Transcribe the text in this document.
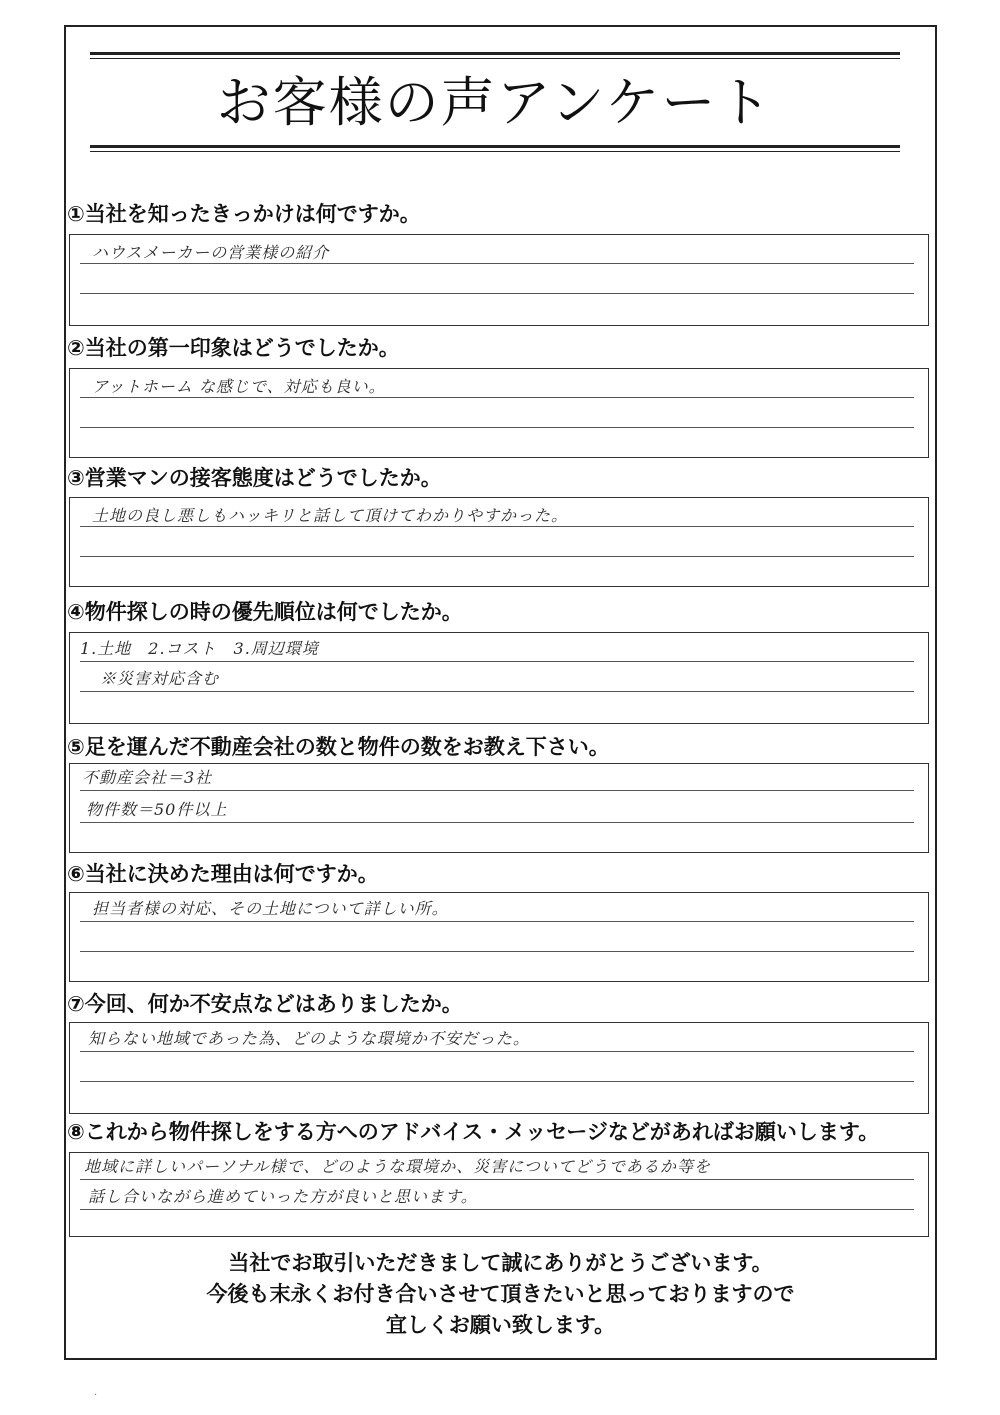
お客様の声アンケート
①当社を知ったきっかけは何ですか。
ハウスメーカーの営業様の紹介
②当社の第一印象はどうでしたか。
アットホーム な感じで、対応も良い。
③営業マンの接客態度はどうでしたか。
土地の良し悪しもハッキリと話して頂けてわかりやすかった。
④物件探しの時の優先順位は何でしたか。
1.土地　2.コスト　3.周辺環境
※災害対応含む
⑤足を運んだ不動産会社の数と物件の数をお教え下さい。
不動産会社＝3社
物件数＝50件以上
⑥当社に決めた理由は何ですか。
担当者様の対応、その土地について詳しい所。
⑦今回、何か不安点などはありましたか。
知らない地域であった為、どのような環境か不安だった。
⑧これから物件探しをする方へのアドバイス・メッセージなどがあればお願いします。
地域に詳しいパーソナル様で、どのような環境か、災害についてどうであるか等を
話し合いながら進めていった方が良いと思います。
当社でお取引いただきまして誠にありがとうございます。
今後も末永くお付き合いさせて頂きたいと思っておりますので
宜しくお願い致します。
·
